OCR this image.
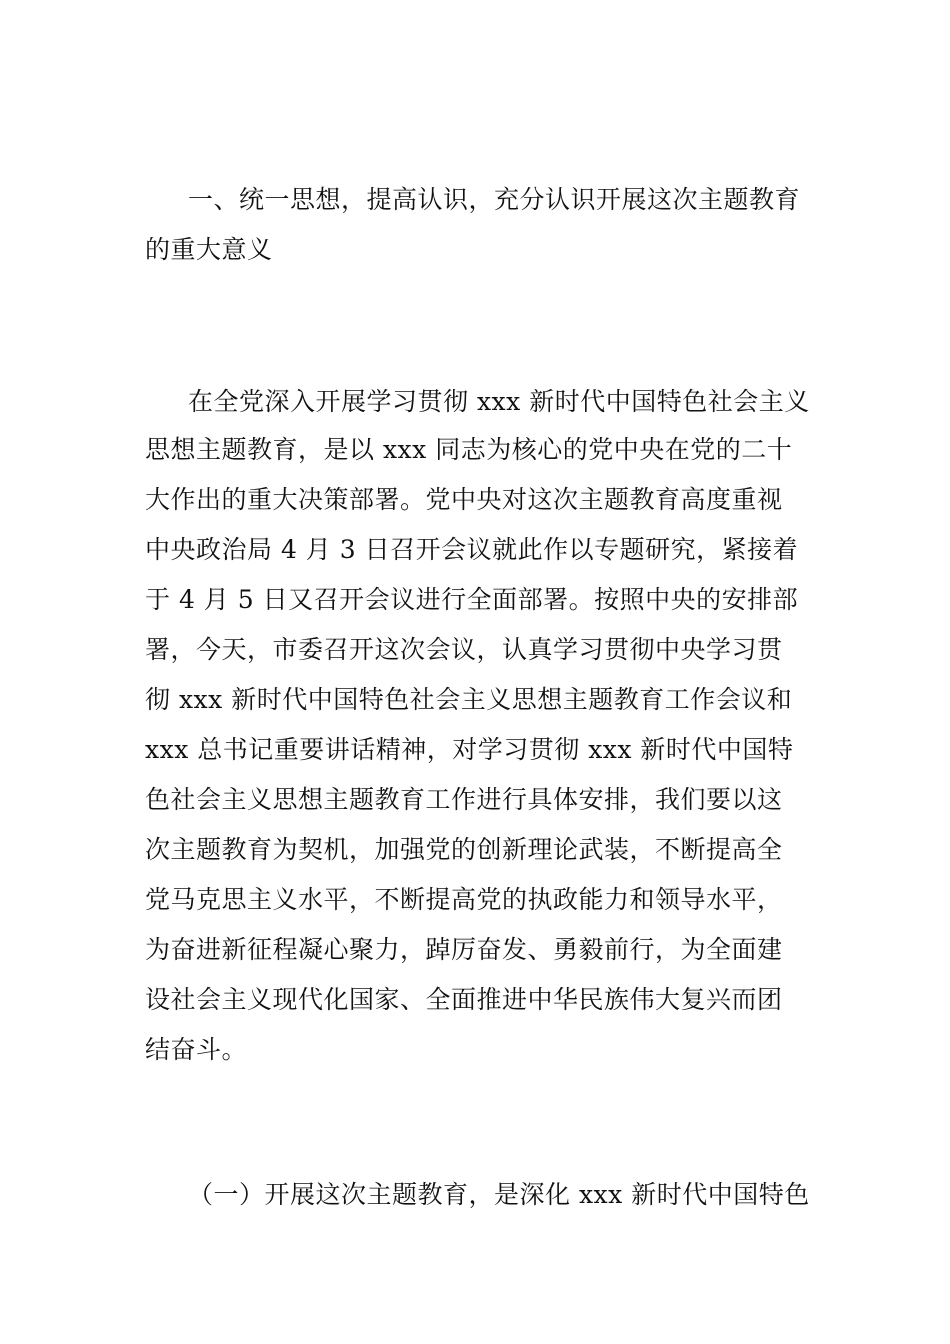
一、统一思想，提高认识，充分认识开展这次主题教育
的重大意义
在全党深入开展学习贯彻 xxx 新时代中国特色社会主义
思想主题教育，是以 xxx 同志为核心的党中央在党的二十
大作出的重大决策部署。党中央对这次主题教育高度重视
中央政治局 4 月 3 日召开会议就此作以专题研究，紧接着
于 4 月 5 日又召开会议进行全面部署。按照中央的安排部
署，今天，市委召开这次会议，认真学习贯彻中央学习贯
彻 xxx 新时代中国特色社会主义思想主题教育工作会议和
xxx 总书记重要讲话精神，对学习贯彻 xxx 新时代中国特
色社会主义思想主题教育工作进行具体安排，我们要以这
次主题教育为契机，加强党的创新理论武装，不断提高全
党马克思主义水平，不断提高党的执政能力和领导水平，
为奋进新征程凝心聚力，踔厉奋发、勇毅前行，为全面建
设社会主义现代化国家、全面推进中华民族伟大复兴而团
结奋斗。
（一）开展这次主题教育，是深化 xxx 新时代中国特色
